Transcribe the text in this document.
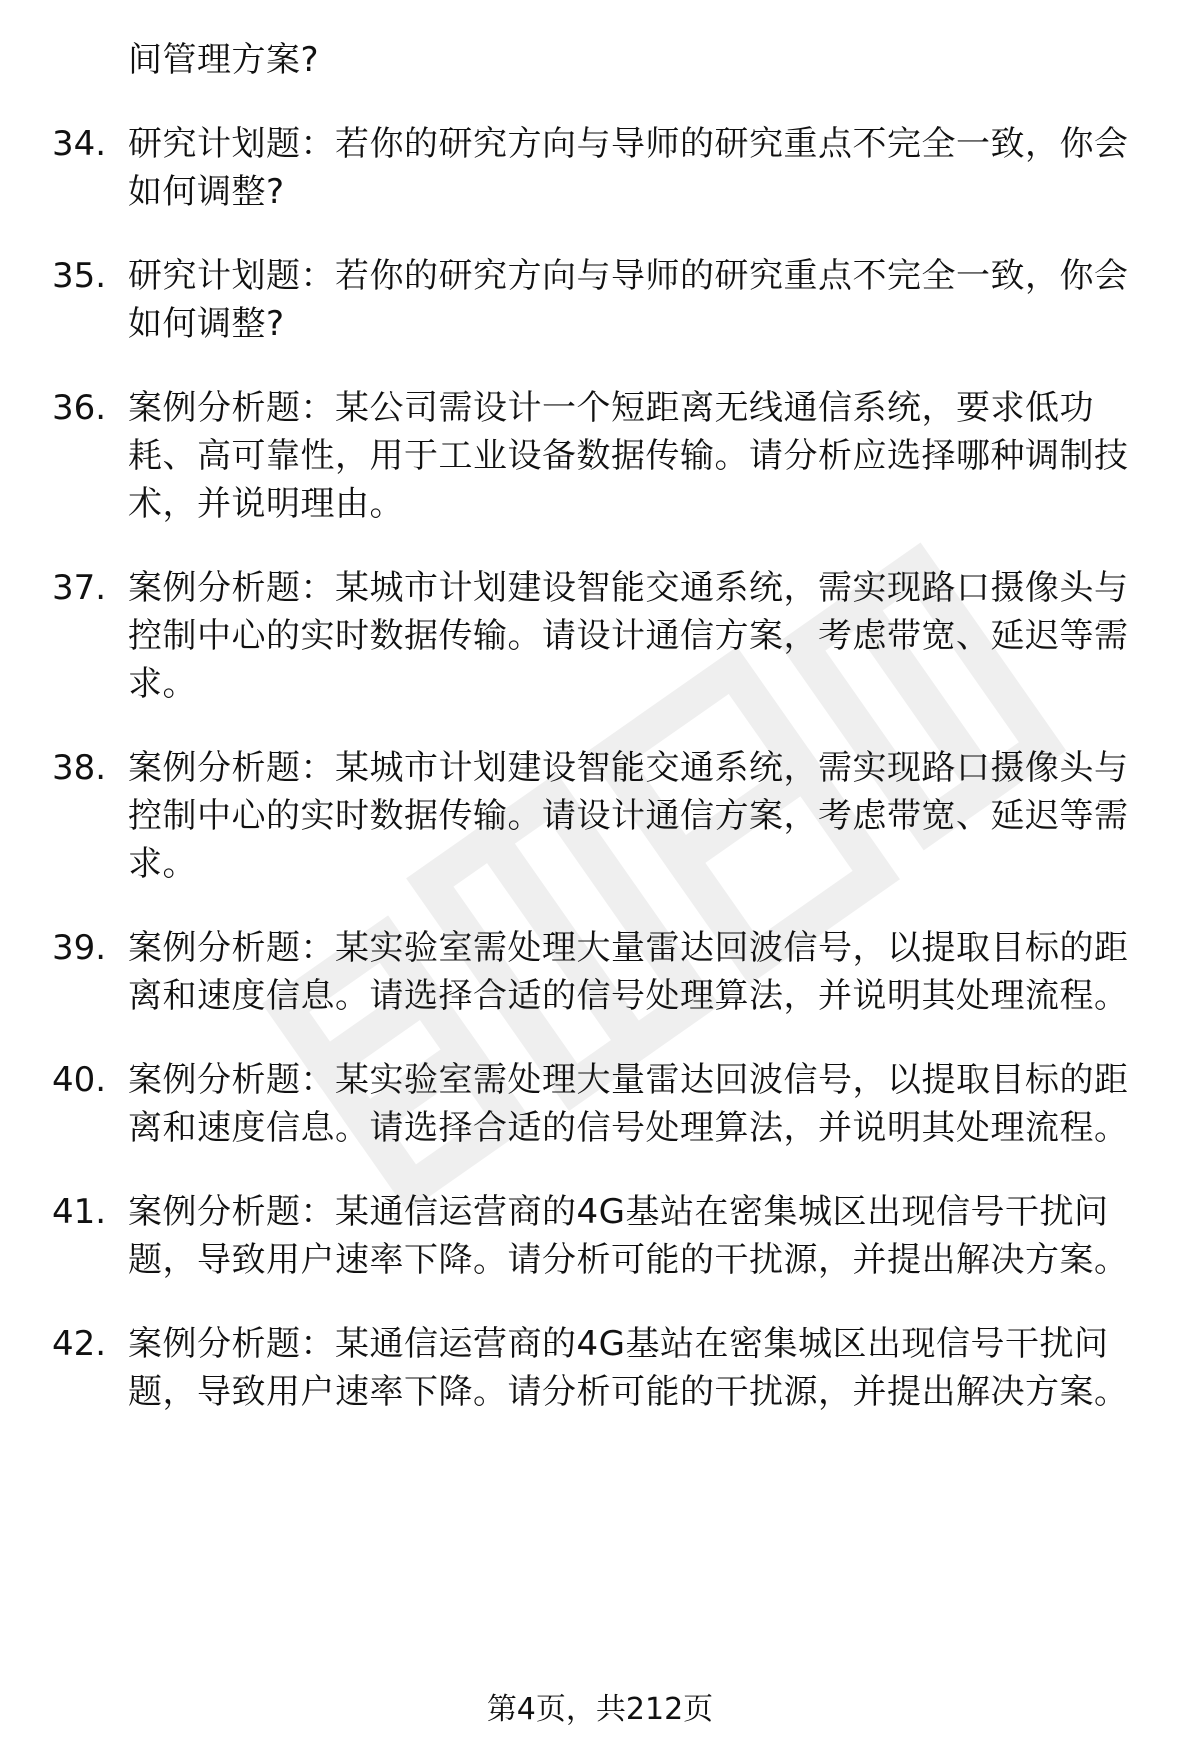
间管理方案?
34. 研究计划题：若你的研究方向与导师的研究重点不完全一致，你会如何调整?
35. 研究计划题：若你的研究方向与导师的研究重点不完全一致，你会如何调整?
36. 案例分析题：某公司需设计一个短距离无线通信系统，要求低功耗、高可靠性，用于工业设备数据传输。请分析应选择哪种调制技术，并说明理由。
37. 案例分析题：某城市计划建设智能交通系统，需实现路口摄像头与控制中心的实时数据传输。请设计通信方案，考虑带宽、延迟等需求。
38. 案例分析题：某城市计划建设智能交通系统，需实现路口摄像头与控制中心的实时数据传输。请设计通信方案，考虑带宽、延迟等需求。
39. 案例分析题：某实验室需处理大量雷达回波信号，以提取目标的距离和速度信息。请选择合适的信号处理算法，并说明其处理流程。
40. 案例分析题：某实验室需处理大量雷达回波信号，以提取目标的距离和速度信息。请选择合适的信号处理算法，并说明其处理流程。
41. 案例分析题：某通信运营商的4G基站在密集城区出现信号干扰问题，导致用户速率下降。请分析可能的干扰源，并提出解决方案。
42. 案例分析题：某通信运营商的4G基站在密集城区出现信号干扰问题，导致用户速率下降。请分析可能的干扰源，并提出解决方案。
第4页，共212页
